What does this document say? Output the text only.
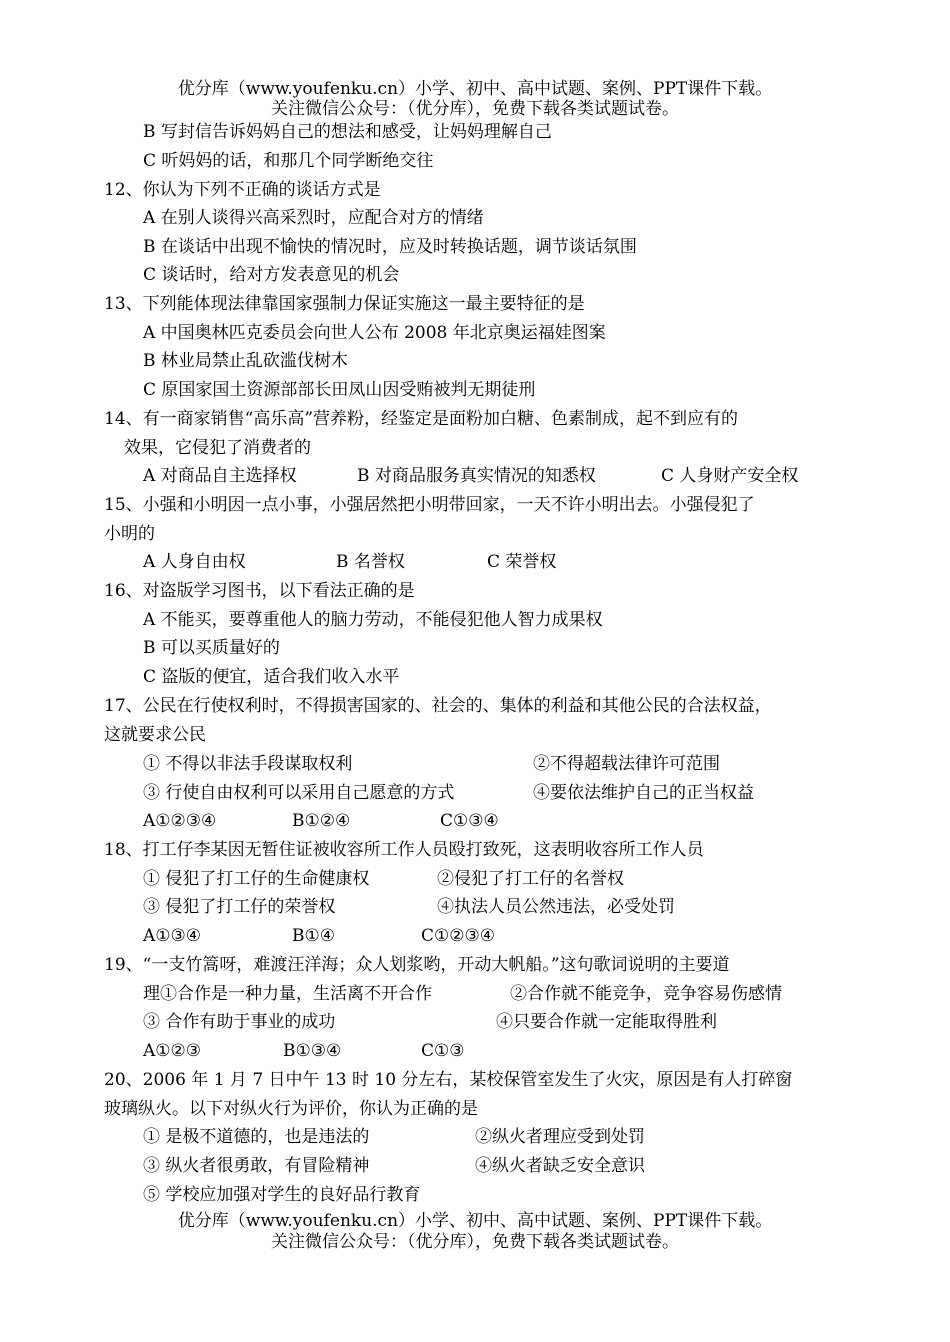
优分库（www.youfenku.cn）小学、初中、高中试题、案例、PPT课件下载。
关注微信公众号：（优分库），免费下载各类试题试卷。
B 写封信告诉妈妈自己的想法和感受，让妈妈理解自己
C 听妈妈的话，和那几个同学断绝交往
12、你认为下列不正确的谈话方式是
A 在别人谈得兴高采烈时，应配合对方的情绪
B 在谈话中出现不愉快的情况时，应及时转换话题，调节谈话氛围
C 谈话时，给对方发表意见的机会
13、下列能体现法律靠国家强制力保证实施这一最主要特征的是
A 中国奥林匹克委员会向世人公布 2008 年北京奥运福娃图案
B 林业局禁止乱砍滥伐树木
C 原国家国土资源部部长田凤山因受贿被判无期徒刑
14、有一商家销售“高乐高”营养粉，经鉴定是面粉加白糖、色素制成，起不到应有的
效果，它侵犯了消费者的
A 对商品自主选择权	B 对商品服务真实情况的知悉权	C 人身财产安全权
15、小强和小明因一点小事，小强居然把小明带回家，一天不许小明出去。小强侵犯了
小明的
A 人身自由权	B 名誉权	C 荣誉权
16、对盗版学习图书，以下看法正确的是
A 不能买，要尊重他人的脑力劳动，不能侵犯他人智力成果权
B 可以买质量好的
C 盗版的便宜，适合我们收入水平
17、公民在行使权利时，不得损害国家的、社会的、集体的利益和其他公民的合法权益，
这就要求公民
① 不得以非法手段谋取权利	②不得超载法律许可范围
③ 行使自由权利可以采用自己愿意的方式	④要依法维护自己的正当权益
A①②③④	B①②④	C①③④
18、打工仔李某因无暂住证被收容所工作人员殴打致死，这表明收容所工作人员
① 侵犯了打工仔的生命健康权	②侵犯了打工仔的名誉权
③ 侵犯了打工仔的荣誉权	④执法人员公然违法，必受处罚
A①③④	B①④	C①②③④
19、“一支竹篙呀，难渡汪洋海；众人划浆哟，开动大帆船。”这句歌词说明的主要道
理①合作是一种力量，生活离不开合作	②合作就不能竞争，竞争容易伤感情
③ 合作有助于事业的成功	④只要合作就一定能取得胜利
A①②③	B①③④	C①③
20、2006 年 1 月 7 日中午 13 时 10 分左右，某校保管室发生了火灾，原因是有人打碎窗
玻璃纵火。以下对纵火行为评价，你认为正确的是
① 是极不道德的，也是违法的	②纵火者理应受到处罚
③ 纵火者很勇敢，有冒险精神	④纵火者缺乏安全意识
⑤ 学校应加强对学生的良好品行教育
优分库（www.youfenku.cn）小学、初中、高中试题、案例、PPT课件下载。
关注微信公众号：（优分库），免费下载各类试题试卷。
